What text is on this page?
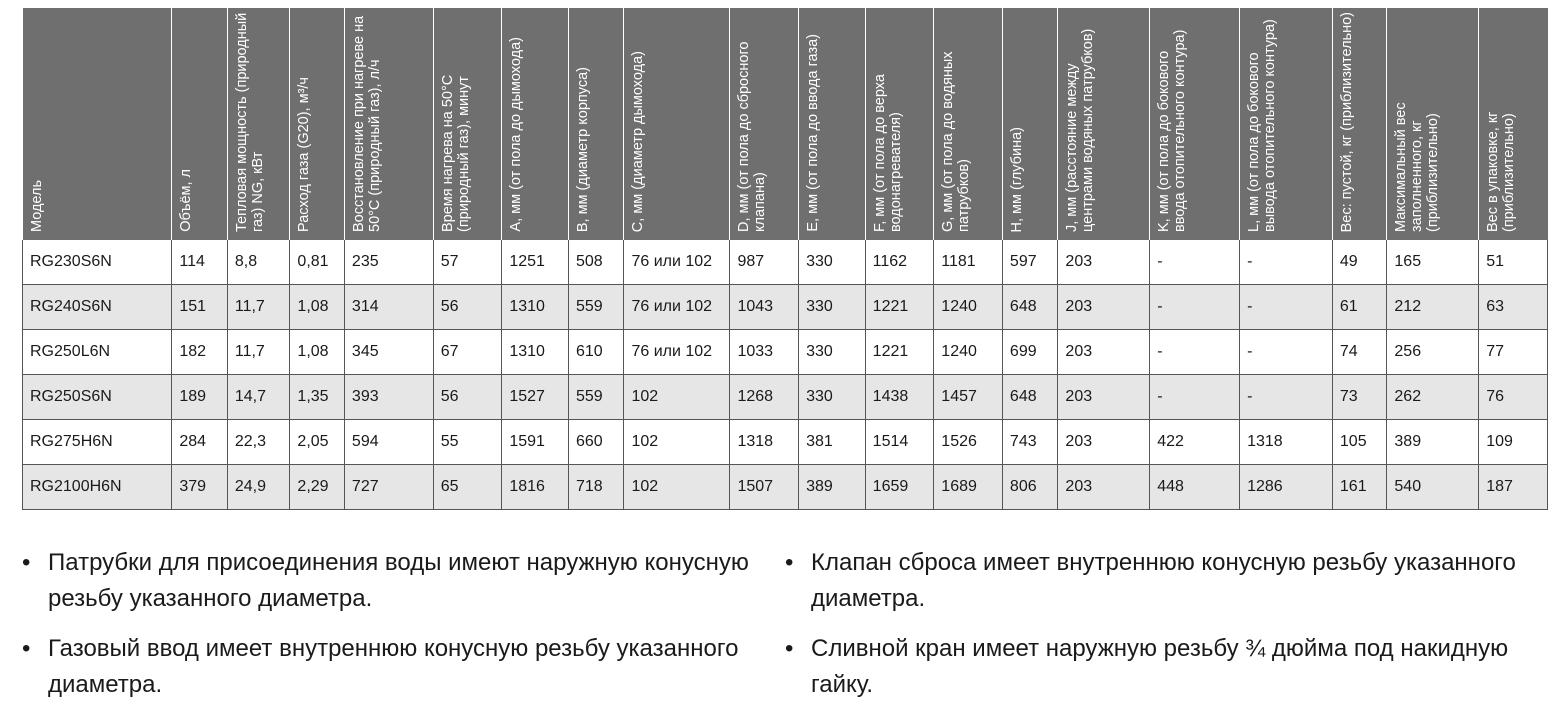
Модель	Объём, л	Тепловая мощность (природный газ) NG, кВт	Расход газа (G20), м³/ч	Восстановление при нагреве на 50°C (природный газ), л/ч	Время нагрева на 50°C (природный газ), минут	A, мм (от пола до дымохода)	B, мм (диаметр корпуса)	C, мм (диаметр дымохода)	D, мм (от пола до сбросного клапана)	E, мм (от пола до ввода газа)	F, мм (от пола до верха водонагревателя)	G, мм (от пола до водяных патрубков)	H, мм (глубина)	J, мм (расстояние между центрами водяных патрубков)	K, мм (от пола до бокового ввода отопительного контура)	L, мм (от пола до бокового вывода отопительного контура)	Вес: пустой, кг (приблизительно)	Максимальный вес заполненного, кг (приблизительно)	Вес в упаковке, кг (приблизительно)

RG230S6N	114	8,8	0,81	235	57	1251	508	76 или 102	987	330	1162	1181	597	203	-	-	49	165	51
RG240S6N	151	11,7	1,08	314	56	1310	559	76 или 102	1043	330	1221	1240	648	203	-	-	61	212	63
RG250L6N	182	11,7	1,08	345	67	1310	610	76 или 102	1033	330	1221	1240	699	203	-	-	74	256	77
RG250S6N	189	14,7	1,35	393	56	1527	559	102	1268	330	1438	1457	648	203	-	-	73	262	76
RG275H6N	284	22,3	2,05	594	55	1591	660	102	1318	381	1514	1526	743	203	422	1318	105	389	109
RG2100H6N	379	24,9	2,29	727	65	1816	718	102	1507	389	1659	1689	806	203	448	1286	161	540	187
• Патрубки для присоединения воды имеют наружную конусную резьбу указанного диаметра.
• Газовый ввод имеет внутреннюю конусную резьбу указанного диаметра.
• Клапан сброса имеет внутреннюю конусную резьбу указанного диаметра.
• Сливной кран имеет наружную резьбу ¾ дюйма под накидную гайку.
